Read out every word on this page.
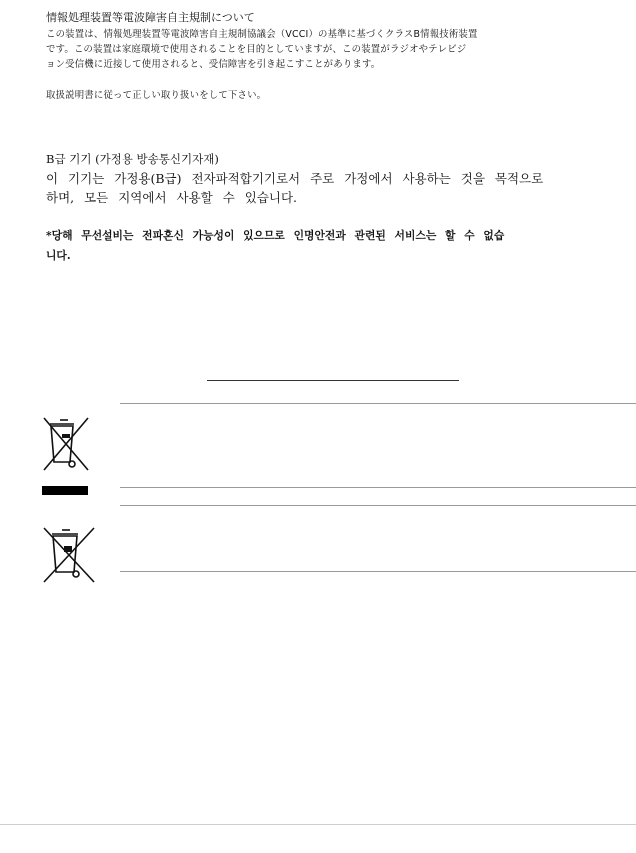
情報処理装置等電波障害自主規制について
この装置は、情報処理装置等電波障害自主規制協議会（VCCI）の基準に基づくクラスB情報技術装置
です。この装置は家庭環境で使用されることを目的としていますが、この装置がラジオやテレビジ
ョン受信機に近接して使用されると、受信障害を引き起こすことがあります。
取扱説明書に従って正しい取り扱いをして下さい。
B급 기기 (가정용 방송통신기자재)
이 기기는 가정용(B급) 전자파적합기기로서 주로 가정에서 사용하는 것을 목적으로
하며, 모든 지역에서 사용할 수 있습니다.
*당해 무선설비는 전파혼신 가능성이 있으므로 인명안전과 관련된 서비스는 할 수 없습
니다.
